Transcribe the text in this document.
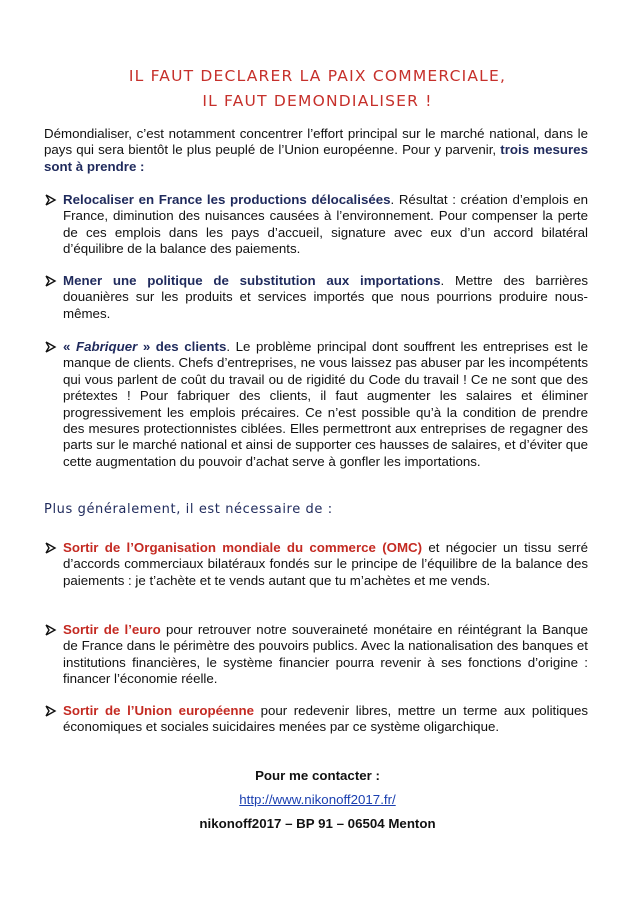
IL FAUT DECLARER LA PAIX COMMERCIALE,
IL FAUT DEMONDIALISER !
Démondialiser, c’est notamment concentrer l’effort principal sur le marché national, dans le pays qui sera bientôt le plus peuplé de l’Union européenne. Pour y parvenir, trois mesures sont à prendre :
Relocaliser en France les productions délocalisées. Résultat : création d’emplois en France, diminution des nuisances causées à l’environnement. Pour compenser la perte de ces emplois dans les pays d’accueil, signature avec eux d’un accord bilatéral d’équilibre de la balance des paiements.
Mener une politique de substitution aux importations. Mettre des barrières douanières sur les produits et services importés que nous pourrions produire nous-mêmes.
« Fabriquer » des clients. Le problème principal dont souffrent les entreprises est le manque de clients. Chefs d’entreprises, ne vous laissez pas abuser par les incompétents qui vous parlent de coût du travail ou de rigidité du Code du travail ! Ce ne sont que des prétextes ! Pour fabriquer des clients, il faut augmenter les salaires et éliminer progressivement les emplois précaires. Ce n’est possible qu’à la condition de prendre des mesures protectionnistes ciblées. Elles permettront aux entreprises de regagner des parts sur le marché national et ainsi de supporter ces hausses de salaires, et d’éviter que cette augmentation du pouvoir d’achat serve à gonfler les importations.
Plus généralement, il est nécessaire de :
Sortir de l’Organisation mondiale du commerce (OMC) et négocier un tissu serré d’accords commerciaux bilatéraux fondés sur le principe de l’équilibre de la balance des paiements : je t’achète et te vends autant que tu m’achètes et me vends.
Sortir de l’euro pour retrouver notre souveraineté monétaire en réintégrant la Banque de France dans le périmètre des pouvoirs publics. Avec la nationalisation des banques et institutions financières, le système financier pourra revenir à ses fonctions d’origine : financer l’économie réelle.
Sortir de l’Union européenne pour redevenir libres, mettre un terme aux politiques économiques et sociales suicidaires menées par ce système oligarchique.
Pour me contacter :
http://www.nikonoff2017.fr/
nikonoff2017 – BP 91 – 06504 Menton
